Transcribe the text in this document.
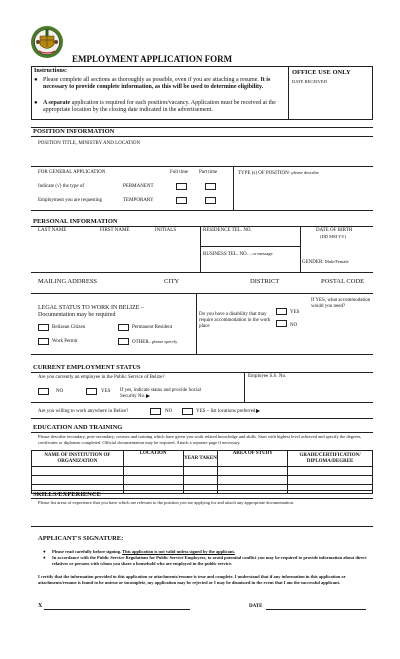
EMPLOYMENT APPLICATION FORM
Instructions:
● Please complete all sections as thoroughly as possible, even if you are attaching a resume. It is necessary to provide complete information, as this will be used to determine eligibility.
● A separate application is required for each position/vacancy. Application must be received at the appropriate location by the closing date indicated in the advertisement.
OFFICE USE ONLY
DATE RECEIVED
POSITION INFORMATION
POSITION TITLE, MINISTRY AND LOCATION
FOR GENERAL APPLICATION	Full time Part time	TYPE (s) OF POSITION- please describe
Indicate (√) the type of	PERMANENT
Employment you are requesting	TEMPORARY
PERSONAL INFORMATION
LAST NAME	FIRST NAME	INITIALS	RESIDENCE TEL. NO.	DATE OF BIRTH
(DD MM YY)
BUSINESS TEL. NO. – or message
GENDER: Male/Female
MAILING ADDRESS	CITY	DISTRICT	POSTAL CODE
LEGAL STATUS TO WORK IN BELIZE –
Documentation may be required
Belizean Citizen	Permanent Resident
Work Permit	OTHER– please specify
Do you have a disability that may require accommodation in the work place
YES
NO
If YES, what accommodation would you need?
CURRENT EMPLOYMENT STATUS
Are you currently an employee in the Public Service of Belize?	Employee S.S. No.
NO	YES If yes, indicate status and provide Social Security No.
Are you willing to work anywhere in Belize?	NO	YES – list locations preferred
EDUCATION AND TRAINING
Please describe secondary, post-secondary, courses and training which have given you work related knowledge and skills. Start with highest level achieved and specify the degrees, certificates or diplomas completed. Official documentation may be required. Attach a separate page if necessary.
NAME OF INSTITUTION OF ORGANIZATION	LOCATION	YEAR TAKEN	AREA OF STUDY	GRADE/CERTIFICATION/ DIPLOMA/DEGREE

SKILLS/EXPERIENCE
Please list areas of experience that you have which are relevant to the position you are applying for and attach any appropriate documentation.
APPLICANT'S SIGNATURE:
● Please read carefully before signing. This application is not valid unless signed by the applicant.
● In accordance with the Public Service Regulations for Public Service Employees, to avoid potential conflict you may be required to provide information about direct relatives or persons with whom you share a household who are employed in the public service.
I certify that the information provided in this application or attachments/resume is true and complete. I understand that if any information in this application or attachments/resume is found to be untrue or incomplete, my application may be rejected or I may be dismissed in the event that I am the successful applicant.
X	DATE
